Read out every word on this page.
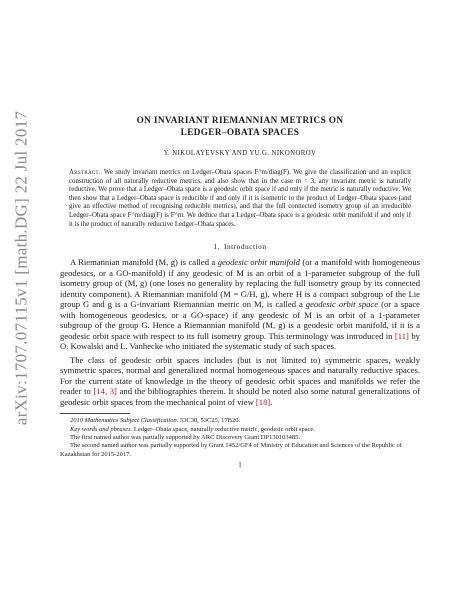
arXiv:1707.07115v1 [math.DG] 22 Jul 2017	ON INVARIANT RIEMANNIAN METRICS ON
LEDGER–OBATA SPACES
Y. NIKOLAYEVSKY AND YU.G. NIKONOROV
Abstract. We study invariant metrics on Ledger–Obata spaces F^m/diag(F). We give the classification and an explicit construction of all naturally reductive metrics, and also show that in the case m = 3, any invariant metric is naturally reductive. We prove that a Ledger–Obata space is a geodesic orbit space if and only if the metric is naturally reductive. We then show that a Ledger–Obata space is reducible if and only if it is isometric to the product of Ledger–Obata spaces (and give an effective method of recognising reducible metrics), and that the full connected isometry group of an irreducible Ledger–Obata space F^m/diag(F) is F^m. We deduce that a Ledger–Obata space is a geodesic orbit manifold if and only if it is the product of naturally reductive Ledger–Obata spaces.
1. Introduction

A Riemannian manifold (M, g) is called a geodesic orbit manifold (or a manifold with homogeneous geodesics, or a GO-manifold) if any geodesic of M is an orbit of a 1-parameter subgroup of the full isometry group of (M, g) (one loses no generality by replacing the full isometry group by its connected identity component). A Riemannian manifold (M = G/H, g), where H is a compact subgroup of the Lie group G and g is a G-invariant Riemannian metric on M, is called a geodesic orbit space (or a space with homogeneous geodesics, or a GO-space) if any geodesic of M is an orbit of a 1-parameter subgroup of the group G. Hence a Riemannian manifold (M, g) is a geodesic orbit manifold, if it is a geodesic orbit space with respect to its full isometry group. This terminology was introduced in [11] by O. Kowalski and L. Vanhecke who initiated the systematic study of such spaces.

The class of geodesic orbit spaces includes (but is not limited to) symmetric spaces, weakly symmetric spaces, normal and generalized normal homogeneous spaces and naturally reductive spaces. For the current state of knowledge in the theory of geodesic orbit spaces and manifolds we refer the reader to [14, 3] and the bibliographies therein. It should be noted also some natural generalizations of geodesic orbit spaces from the mechanical point of view [18].

2010 Mathematics Subject Classification. 53C30, 53C25, 17B20.

Key words and phrases. Ledger–Obata space, naturally reductive metric, geodesic orbit space.

The first named author was partially supported by ARC Discovery Grant DP130103485.

The second named author was partially supported by Grant 1452/GF4 of Ministry of Education and Sciences of the Republic of Kazakhstan for 2015-2017.

1
